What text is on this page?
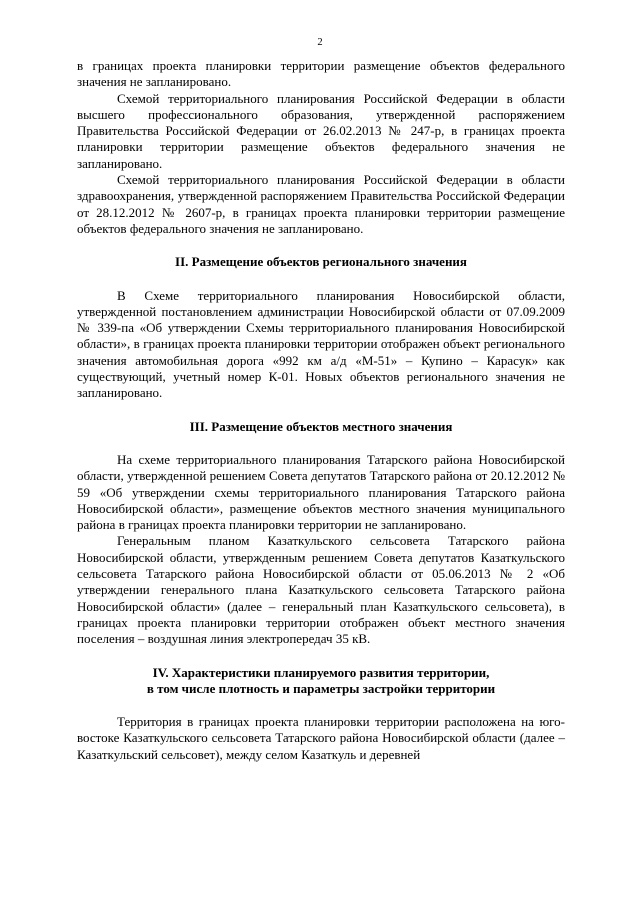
2

в границах проекта планировки территории размещение объектов федерального значения не запланировано.

Схемой территориального планирования Российской Федерации в области высшего профессионального образования, утвержденной распоряжением Правительства Российской Федерации от 26.02.2013 № 247-р, в границах проекта планировки территории размещение объектов федерального значения не запланировано.

Схемой территориального планирования Российской Федерации в области здравоохранения, утвержденной распоряжением Правительства Российской Федерации от 28.12.2012 № 2607-р, в границах проекта планировки территории размещение объектов федерального значения не запланировано.

II. Размещение объектов регионального значения

В Схеме территориального планирования Новосибирской области, утвержденной постановлением администрации Новосибирской области от 07.09.2009 № 339-па «Об утверждении Схемы территориального планирования Новосибирской области», в границах проекта планировки территории отображен объект регионального значения автомобильная дорога «992 км а/д «М-51» – Купино – Карасук» как существующий, учетный номер К-01. Новых объектов регионального значения не запланировано.

III. Размещение объектов местного значения

На схеме территориального планирования Татарского района Новосибирской области, утвержденной решением Совета депутатов Татарского района от 20.12.2012 № 59 «Об утверждении схемы территориального планирования Татарского района Новосибирской области», размещение объектов местного значения муниципального района в границах проекта планировки территории не запланировано.

Генеральным планом Казаткульского сельсовета Татарского района Новосибирской области, утвержденным решением Совета депутатов Казаткульского сельсовета Татарского района Новосибирской области от 05.06.2013 № 2 «Об утверждении генерального плана Казаткульского сельсовета Татарского района Новосибирской области» (далее – генеральный план Казаткульского сельсовета), в границах проекта планировки территории отображен объект местного значения поселения – воздушная линия электропередач 35 кВ.

IV. Характеристики планируемого развития территории,
в том числе плотность и параметры застройки территории

Территория в границах проекта планировки территории расположена на юго-востоке Казаткульского сельсовета Татарского района Новосибирской области (далее – Казаткульский сельсовет), между селом Казаткуль и деревней
